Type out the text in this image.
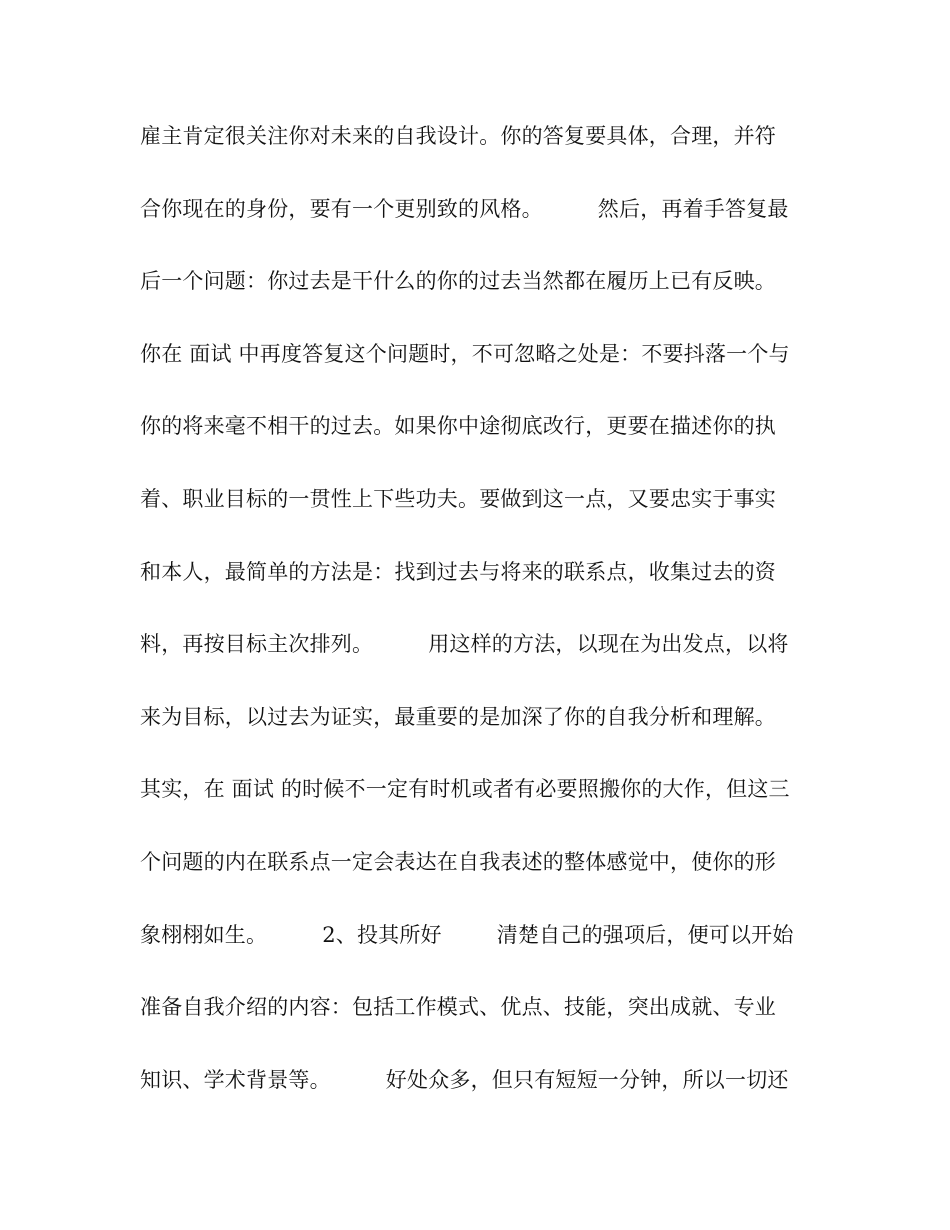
雇主肯定很关注你对未来的自我设计。你的答复要具体，合理，并符
合你现在的身份，要有一个更别致的风格。        然后，再着手答复最
后一个问题：你过去是干什么的你的过去当然都在履历上已有反映。
你在 面试 中再度答复这个问题时，不可忽略之处是：不要抖落一个与
你的将来毫不相干的过去。如果你中途彻底改行，更要在描述你的执
着、职业目标的一贯性上下些功夫。要做到这一点，又要忠实于事实
和本人，最简单的方法是：找到过去与将来的联系点，收集过去的资
料，再按目标主次排列。        用这样的方法，以现在为出发点，以将
来为目标，以过去为证实，最重要的是加深了你的自我分析和理解。
其实，在 面试 的时候不一定有时机或者有必要照搬你的大作，但这三
个问题的内在联系点一定会表达在自我表述的整体感觉中，使你的形
象栩栩如生。        2、投其所好        清楚自己的强项后，便可以开始
准备自我介绍的内容：包括工作模式、优点、技能，突出成就、专业
知识、学术背景等。        好处众多，但只有短短一分钟，所以一切还
